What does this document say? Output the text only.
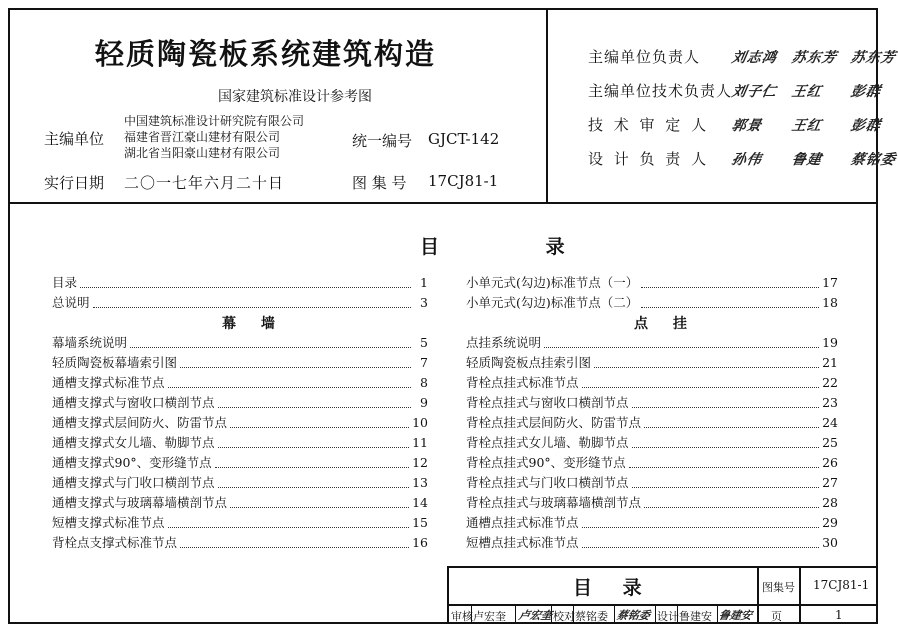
轻质陶瓷板系统建筑构造
国家建筑标准设计参考图
主编单位
中国建筑标准设计研究院有限公司
福建省晋江豪山建材有限公司
湖北省当阳豪山建材有限公司
统一编号 GJCT-142
实行日期 二〇一七年六月二十日	图 集 号 17CJ81-1
主编单位负责人 刘志鸿 苏东芳 苏东芳
主编单位技术负责人 刘子仁 王红 彭群
技 术 审 定 人 郭景 王红 彭群
设 计 负 责 人 孙伟 鲁建 蔡铭委
目 录
目录	1
总说明	3
幕 墙
幕墙系统说明	5
轻质陶瓷板幕墙索引图	7
通槽支撑式标准节点	8
通槽支撑式与窗收口横剖节点	9
通槽支撑式层间防火、防雷节点	10
通槽支撑式女儿墙、勒脚节点	11
通槽支撑式90°、变形缝节点	12
通槽支撑式与门收口横剖节点	13
通槽支撑式与玻璃幕墙横剖节点	14
短槽支撑式标准节点	15
背栓点支撑式标准节点	16
小单元式(勾边)标准节点（一）	17
小单元式(勾边)标准节点（二）	18
点 挂
点挂系统说明	19
轻质陶瓷板点挂索引图	21
背栓点挂式标准节点	22
背栓点挂式与窗收口横剖节点	23
背栓点挂式层间防火、防雷节点	24
背栓点挂式女儿墙、勒脚节点	25
背栓点挂式90°、变形缝节点	26
背栓点挂式与门收口横剖节点	27
背栓点挂式与玻璃幕墙横剖节点	28
通槽点挂式标准节点	29
短槽点挂式标准节点	30
目 录	图集号 17CJ81-1
审核 卢宏奎 卢宏奎 校对 蔡铭委 蔡铭委 设计 鲁建安 鲁建安 页	1
